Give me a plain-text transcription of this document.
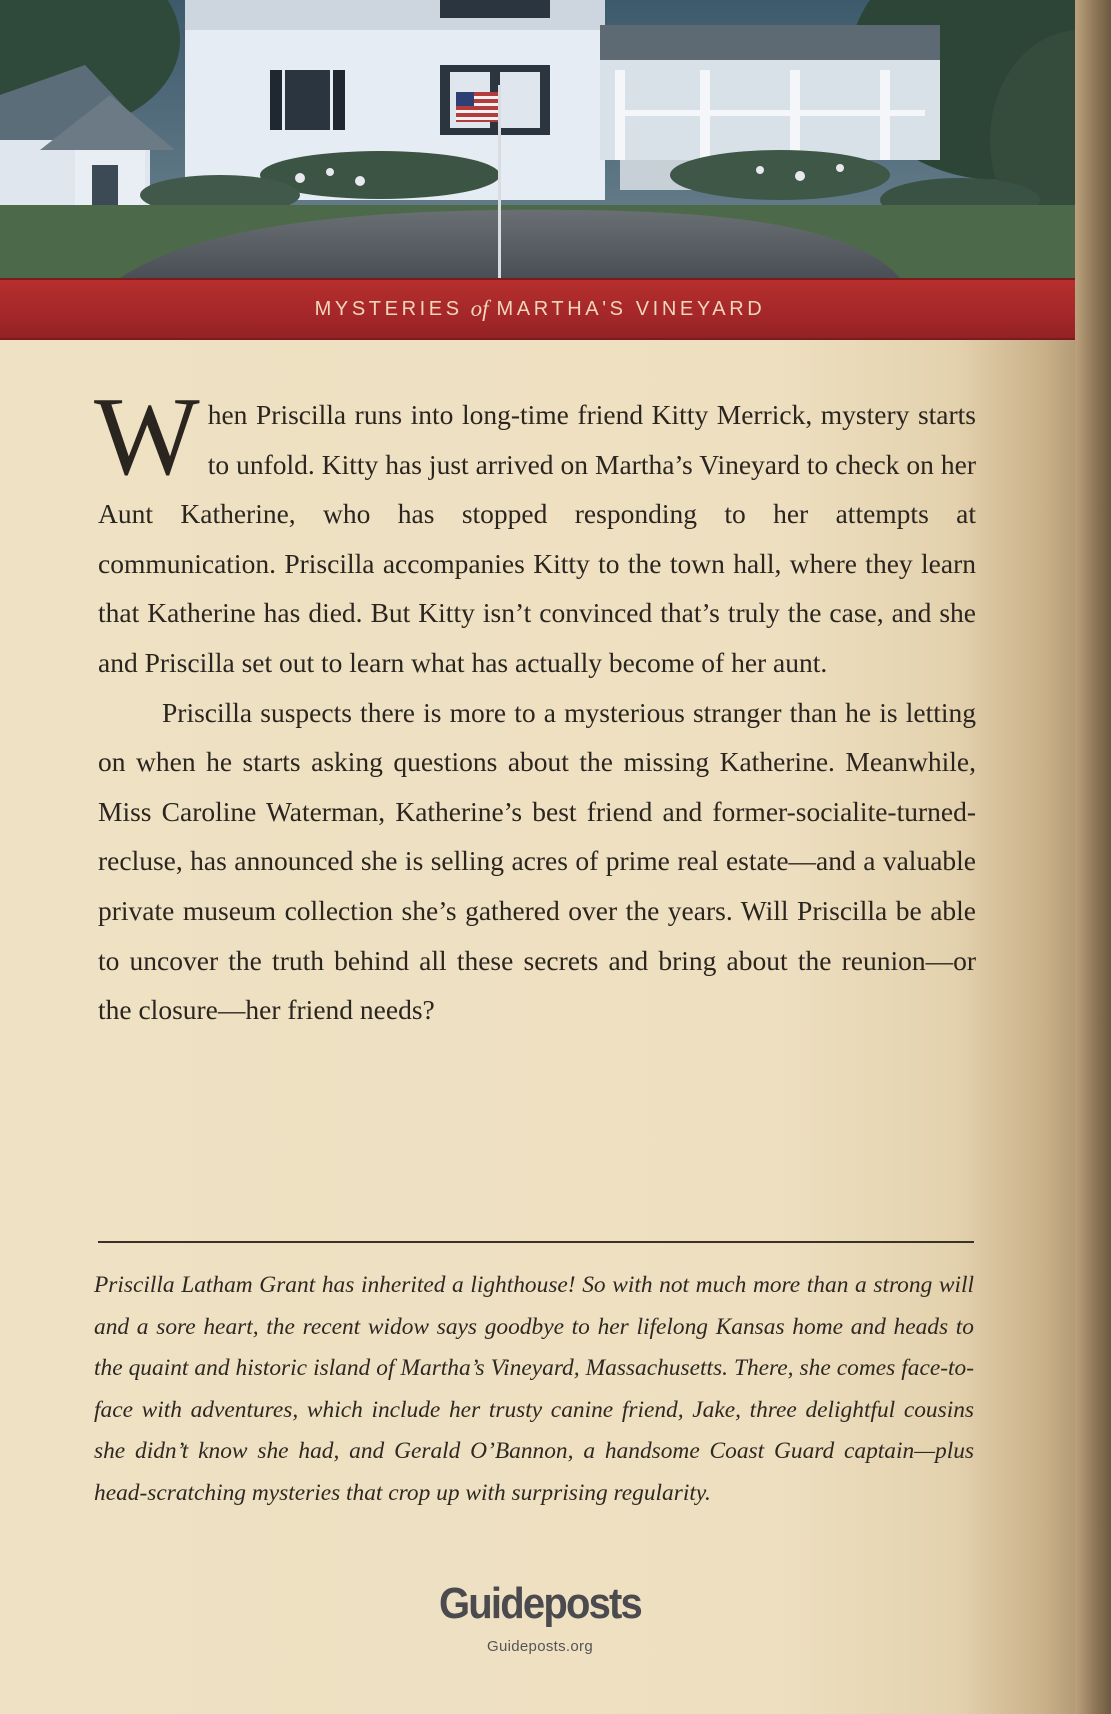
MYSTERIES of MARTHA'S VINEYARD

When Priscilla runs into long-time friend Kitty Merrick, mystery starts to unfold. Kitty has just arrived on Martha’s Vineyard to check on her Aunt Katherine, who has stopped responding to her attempts at communication. Priscilla accompanies Kitty to the town hall, where they learn that Katherine has died. But Kitty isn’t convinced that’s truly the case, and she and Priscilla set out to learn what has actually become of her aunt.

Priscilla suspects there is more to a mysterious stranger than he is letting on when he starts asking questions about the missing Katherine. Meanwhile, Miss Caroline Waterman, Katherine’s best friend and former-socialite-turned-recluse, has announced she is selling acres of prime real estate—and a valuable private museum collection she’s gathered over the years. Will Priscilla be able to uncover the truth behind all these secrets and bring about the reunion—or the closure—her friend needs?

Priscilla Latham Grant has inherited a lighthouse! So with not much more than a strong will and a sore heart, the recent widow says goodbye to her lifelong Kansas home and heads to the quaint and historic island of Martha’s Vineyard, Massachusetts. There, she comes face-to-face with adventures, which include her trusty canine friend, Jake, three delightful cousins she didn’t know she had, and Gerald O’Bannon, a handsome Coast Guard captain—plus head-scratching mysteries that crop up with surprising regularity.

Guideposts
Guideposts.org
